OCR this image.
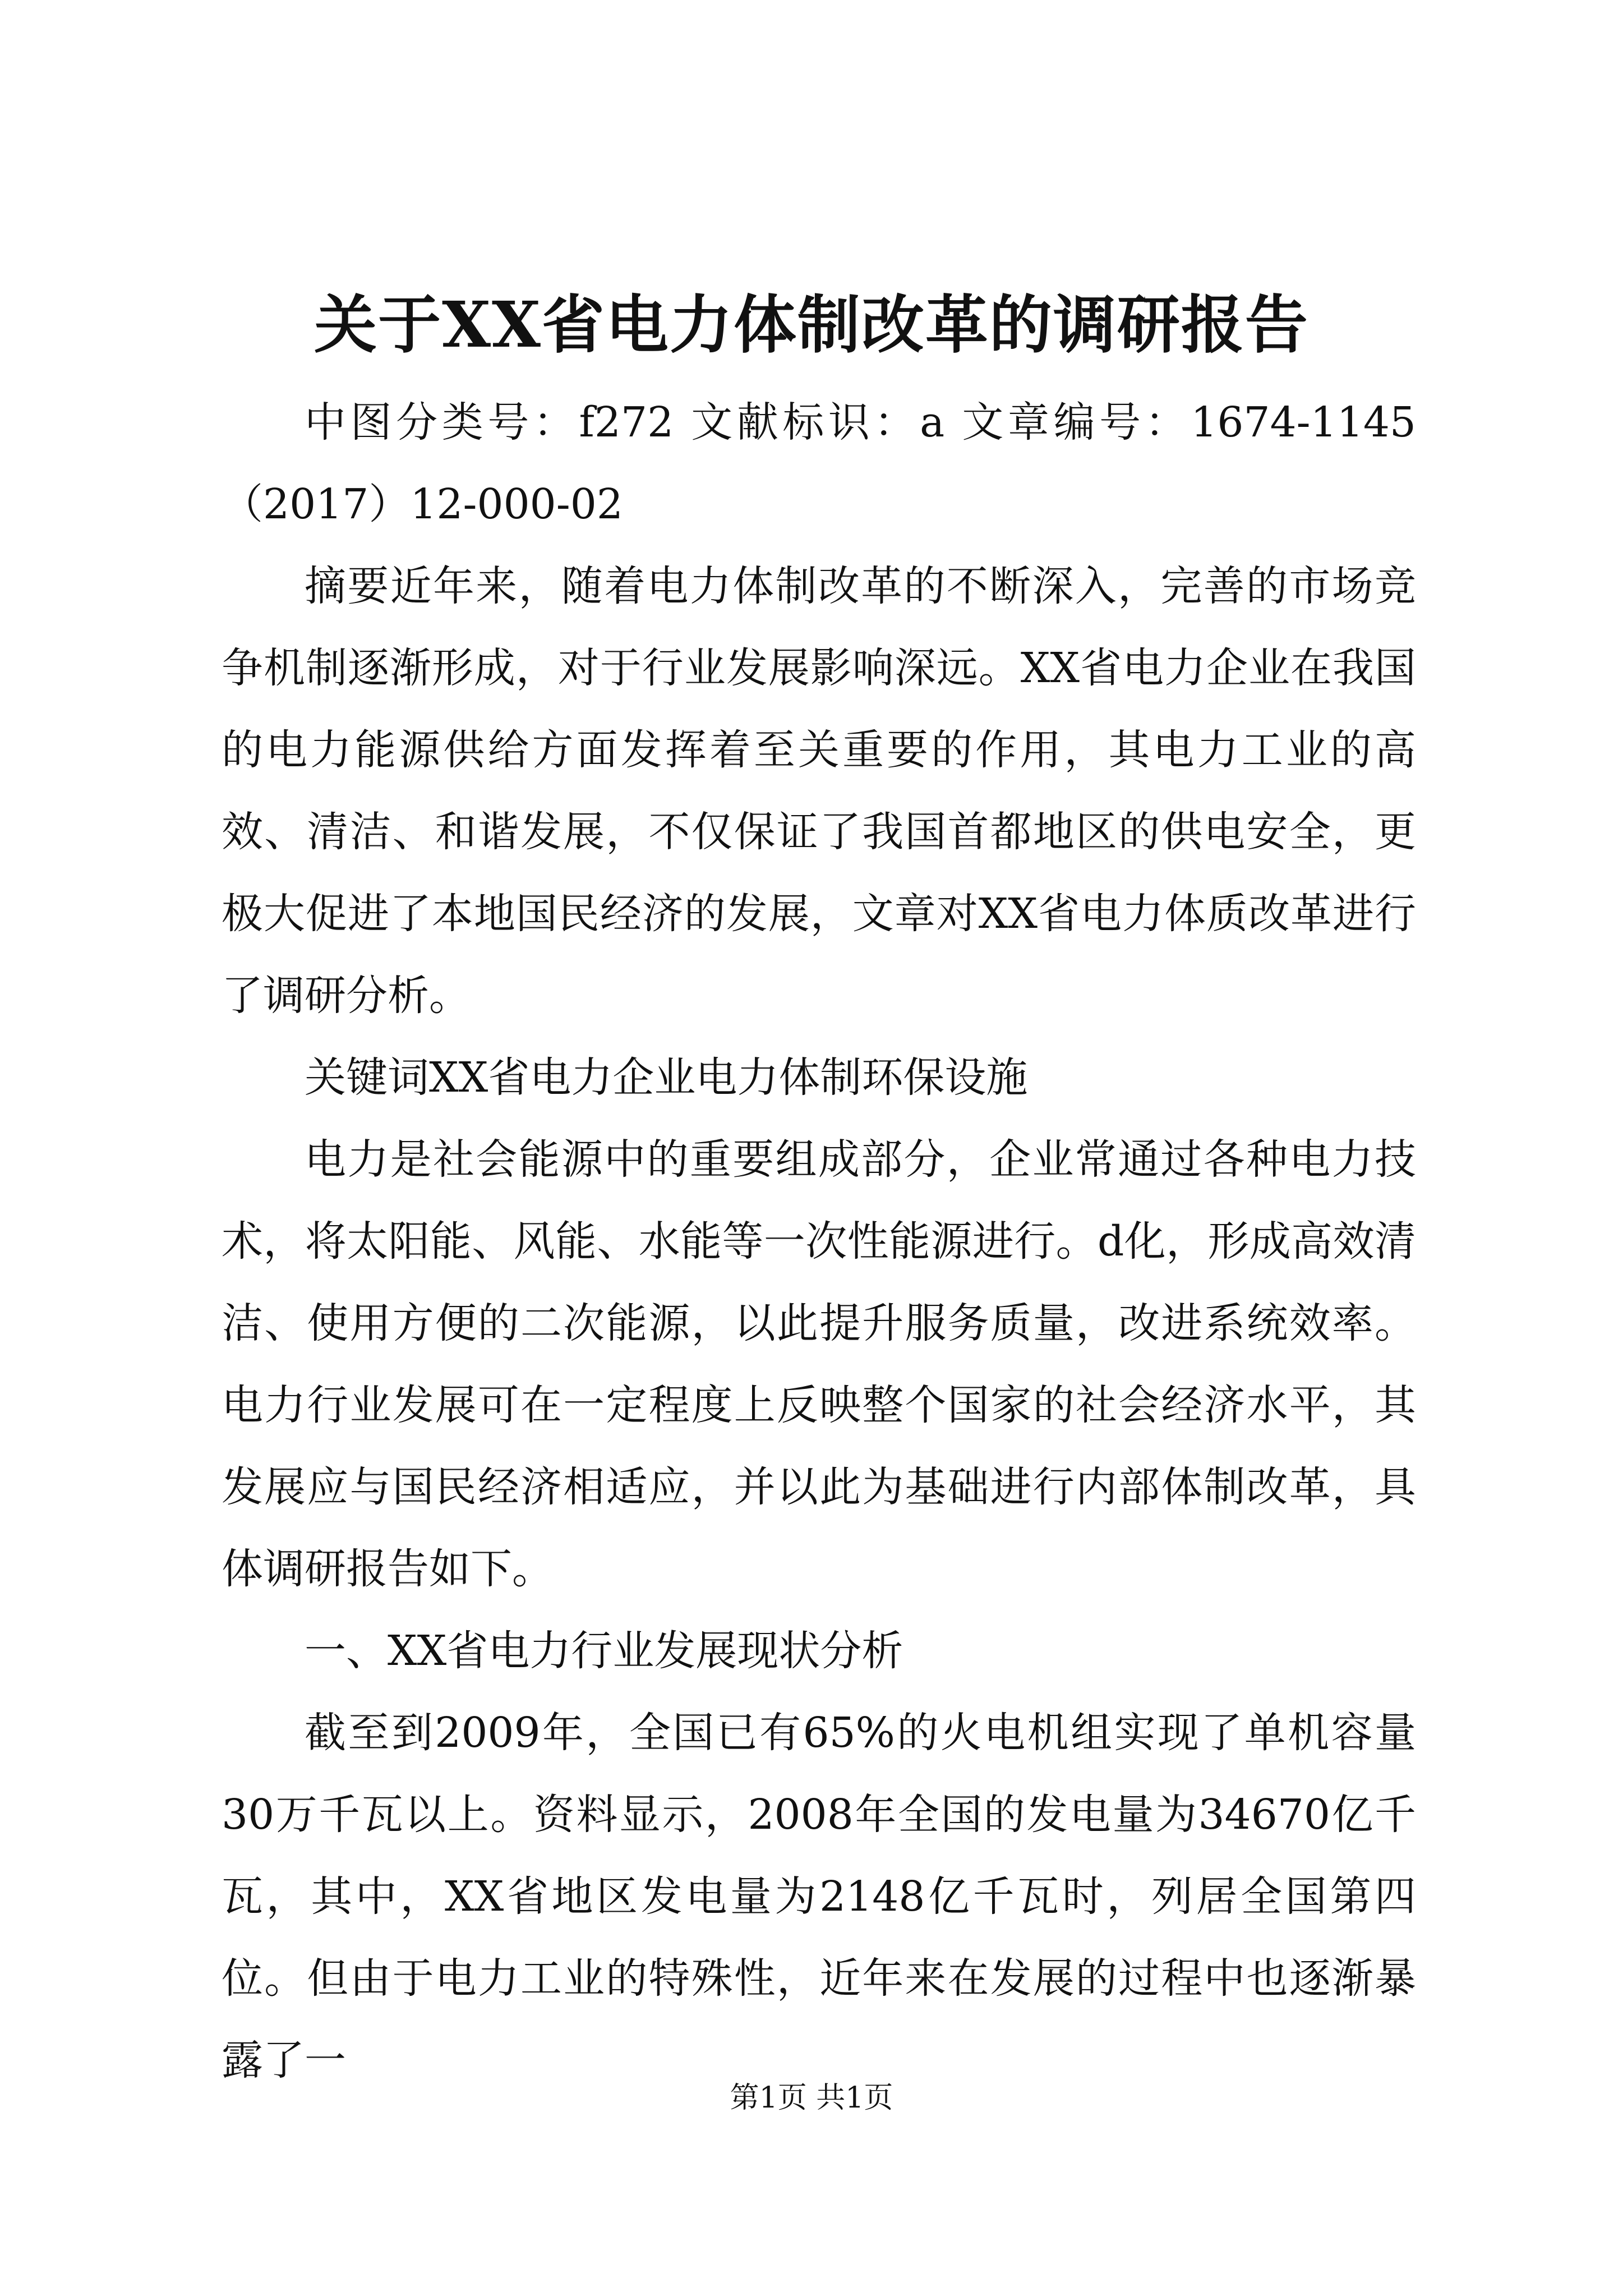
关于XX省电力体制改革的调研报告

中图分类号：f272 文献标识：a 文章编号：1674-1145（2017）12-000-02

摘要近年来，随着电力体制改革的不断深入，完善的市场竞争机制逐渐形成，对于行业发展影响深远。XX省电力企业在我国的电力能源供给方面发挥着至关重要的作用，其电力工业的高效、清洁、和谐发展，不仅保证了我国首都地区的供电安全，更极大促进了本地国民经济的发展，文章对XX省电力体质改革进行了调研分析。

关键词XX省电力企业电力体制环保设施

电力是社会能源中的重要组成部分，企业常通过各种电力技术，将太阳能、风能、水能等一次性能源进行。d化，形成高效清洁、使用方便的二次能源，以此提升服务质量，改进系统效率。电力行业发展可在一定程度上反映整个国家的社会经济水平，其发展应与国民经济相适应，并以此为基础进行内部体制改革，具体调研报告如下。

一、XX省电力行业发展现状分析

截至到2009年，全国已有65%的火电机组实现了单机容量30万千瓦以上。资料显示，2008年全国的发电量为34670亿千瓦，其中，XX省地区发电量为2148亿千瓦时，列居全国第四位。但由于电力工业的特殊性，近年来在发展的过程中也逐渐暴露了一

第1页 共1页
